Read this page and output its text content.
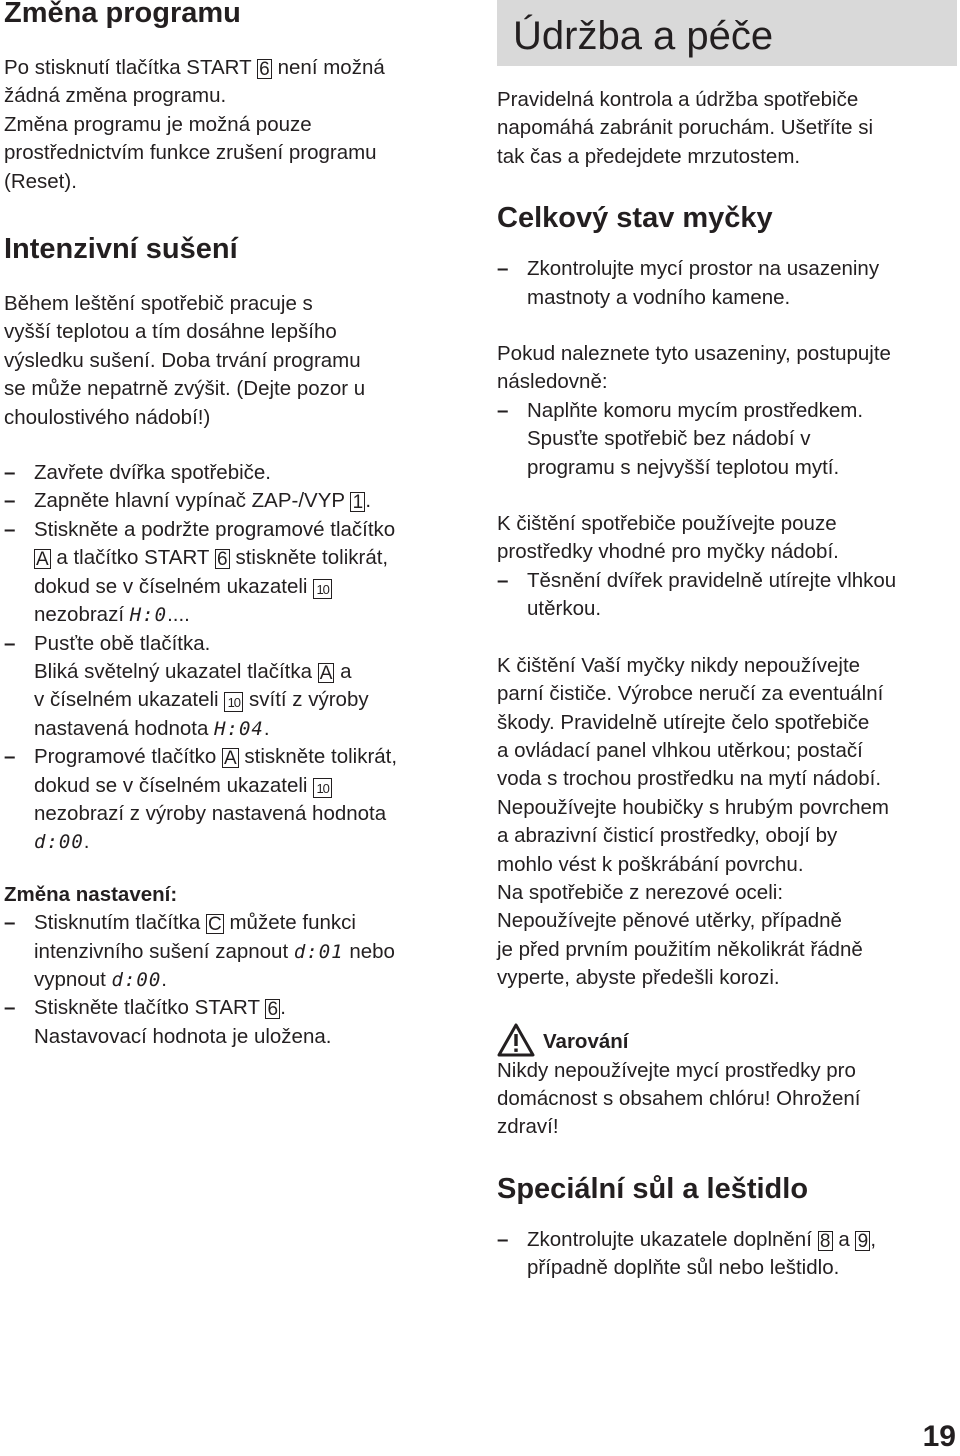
Změna programu

Po stisknutí tlačítka START 6 není možná

žádná změna programu.

Změna programu je možná pouze

prostřednictvím funkce zrušení programu

(Reset).

Intenzivní sušení

Během leštění spotřebič pracuje s

vyšší teplotou a tím dosáhne lepšího

výsledku sušení. Doba trvání programu

se může nepatrně zvýšit. (Dejte pozor u

choulostivého nádobí!)

– Zavřete dvířka spotřebiče.
– Zapněte hlavní vypínač ZAP-/VYP 1 .
– Stiskněte a podržte programové tlačítko
A a tlačítko START 6 stiskněte tolikrát,
dokud se v číselném ukazateli 10
nezobrazí H:0....
– Pusťte obě tlačítka.
Bliká světelný ukazatel tlačítka A a
v číselném ukazateli 10 svítí z výroby
nastavená hodnota H:04.
– Programové tlačítko A stiskněte tolikrát,
dokud se v číselném ukazateli 10
nezobrazí z výroby nastavená hodnota
d:00.
Změna nastavení:
– Stisknutím tlačítka C můžete funkci
intenzivního sušení zapnout d:01 nebo
vypnout d:00.
– Stiskněte tlačítko START 6 .
Nastavovací hodnota je uložena.
Údržba a péče

Pravidelná kontrola a údržba spotřebiče

napomáhá zabránit poruchám. Ušetříte si

tak čas a předejdete mrzutostem.

Celkový stav myčky
– Zkontrolujte mycí prostor na usazeniny
mastnoty a vodního kamene.

Pokud naleznete tyto usazeniny, postupujte

následovně:

– Naplňte komoru mycím prostředkem.
Spusťte spotřebič bez nádobí v
programu s nejvyšší teplotou mytí.

K čištění spotřebiče používejte pouze

prostředky vhodné pro myčky nádobí.

– Těsnění dvířek pravidelně utírejte vlhkou
utěrkou.

K čištění Vaší myčky nikdy nepoužívejte

parní čističe. Výrobce neručí za eventuální

škody. Pravidelně utírejte čelo spotřebiče

a ovládací panel vlhkou utěrkou; postačí

voda s trochou prostředku na mytí nádobí.

Nepoužívejte houbičky s hrubým povrchem

a abrazivní čisticí prostředky, obojí by

mohlo vést k poškrábání povrchu.

Na spotřebiče z nerezové oceli:

Nepoužívejte pěnové utěrky, případně

je před prvním použitím několikrát řádně

vyperte, abyste předešli korozi.

Varování

Nikdy nepoužívejte mycí prostředky pro

domácnost s obsahem chlóru! Ohrožení

zdraví!

Speciální sůl a leštidlo
– Zkontrolujte ukazatele doplnění 8 a 9 ,
případně doplňte sůl nebo leštidlo.
19
